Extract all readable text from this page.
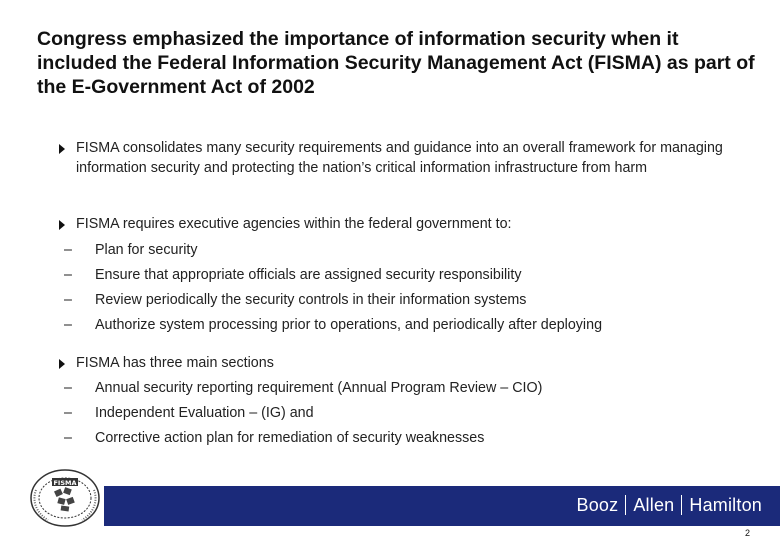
Congress emphasized the importance of information security when it included the Federal Information Security Management Act (FISMA) as part of the E-Government Act of 2002
FISMA consolidates many security requirements and guidance into an overall framework for managing information security and protecting the nation’s critical information infrastructure from harm
FISMA requires executive agencies within the federal government to:
– Plan for security
– Ensure that appropriate officials are assigned security responsibility
– Review periodically the security controls in their information systems
– Authorize system processing prior to operations, and periodically after deploying
FISMA has three main sections
– Annual security reporting requirement (Annual Program Review – CIO)
– Independent Evaluation – (IG) and
– Corrective action plan for remediation of security weaknesses
Booz Allen Hamilton
FISMA
2
